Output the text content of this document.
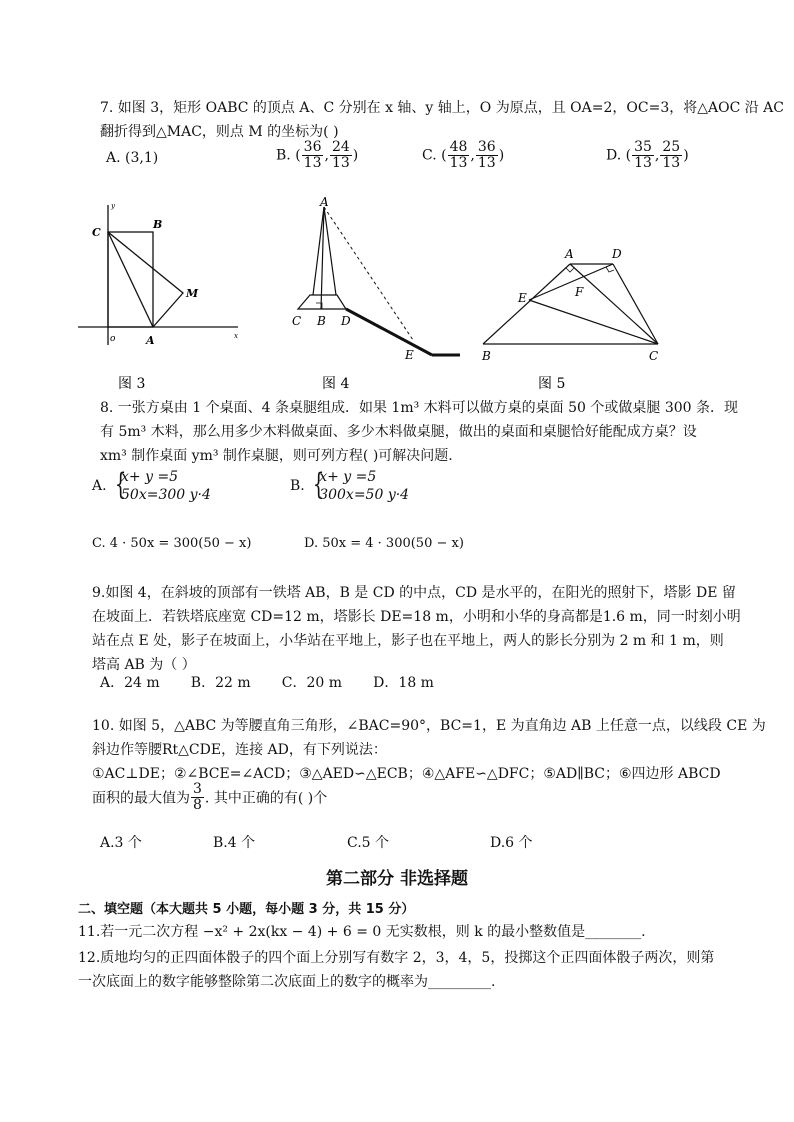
7. 如图 3，矩形 OABC 的顶点 A、C 分别在 x 轴、y 轴上，O 为原点，且 OA=2，OC=3，将△AOC 沿 AC
翻折得到△MAC，则点 M 的坐标为( )
A. (3,1)	B. ( $\frac{36}{13}$ , $\frac{24}{13}$ )	C. ( $\frac{48}{13}$ , $\frac{36}{13}$ )	D. ( $\frac{35}{13}$ , $\frac{25}{13}$ )
C
B
M
o	A	x
y
图 3
A
C B D
E
图 4
A	D
E	F
B	C
图 5
8. 一张方桌由 1 个桌面、4 条桌腿组成．如果 1m³ 木料可以做方桌的桌面 50 个或做桌腿 300 条．现
有 5m³ 木料，那么用多少木料做桌面、多少木料做桌腿，做出的桌面和桌腿恰好能配成方桌？设
xm³ 制作桌面 ym³ 制作桌腿，则可列方程( )可解决问题.
A. {
x+ y =5
50x=300 y·4
B. {
x+ y =5
300x=50 y·4
C. 4 · 50x = 300(50 − x)	D. 50x = 4 · 300(50 − x)
9.如图 4，在斜坡的顶部有一铁塔 AB，B 是 CD 的中点，CD 是水平的，在阳光的照射下，塔影 DE 留
在坡面上．若铁塔底座宽 CD=12 m，塔影长 DE=18 m，小明和小华的身高都是1.6 m，同一时刻小明
站在点 E 处，影子在坡面上，小华站在平地上，影子也在平地上，两人的影长分别为 2 m 和 1 m，则
塔高 AB 为（ ）
A．24 m       B．22 m       C．20 m       D．18 m
10. 如图 5，△ABC 为等腰直角三角形，∠BAC=90°，BC=1，E 为直角边 AB 上任意一点，以线段 CE 为
斜边作等腰Rt△CDE，连接 AD，有下列说法：
①AC⊥DE；②∠BCE=∠ACD；③△AED∽△ECB；④△AFE∽△DFC；⑤AD∥BC；⑥四边形 ABCD
面积的最大值为 $\frac{3}{8}$ . 其中正确的有( )个
A.3 个	B.4 个	C.5 个	D.6 个
第二部分 非选择题
二、填空题（本大题共 5 小题，每小题 3 分，共 15 分）
11.若一元二次方程 −x² + 2x(kx − 4) + 6 = 0 无实数根，则 k 的最小整数值是________.
12.质地均匀的正四面体骰子的四个面上分别写有数字 2，3，4，5，投掷这个正四面体骰子两次，则第
一次底面上的数字能够整除第二次底面上的数字的概率为_________.
